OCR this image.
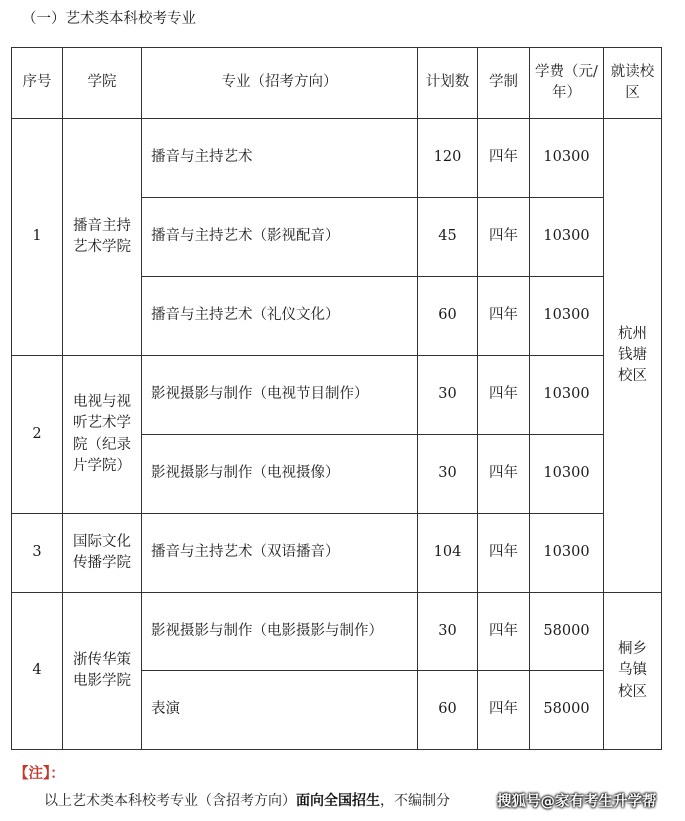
（一）艺术类本科校考专业
序号	学院	专业（招考方向）	计划数	学制	学费（元/年）	就读校区
1	播音主持艺术学院	播音与主持艺术	120	四年	10300	杭州钱塘校区
		播音与主持艺术（影视配音）	45	四年	10300	
		播音与主持艺术（礼仪文化）	60	四年	10300	
2	电视与视听艺术学院（纪录片学院）	影视摄影与制作（电视节目制作）	30	四年	10300	
		影视摄影与制作（电视摄像）	30	四年	10300	
3	国际文化传播学院	播音与主持艺术（双语播音）	104	四年	10300	
4	浙传华策电影学院	影视摄影与制作（电影摄影与制作）	30	四年	58000	桐乡乌镇校区
		表演	60	四年	58000	
【注】：
以上艺术类本科校考专业（含招考方向）面向全国招生，不编制分	搜狐号@家有考生升学帮
